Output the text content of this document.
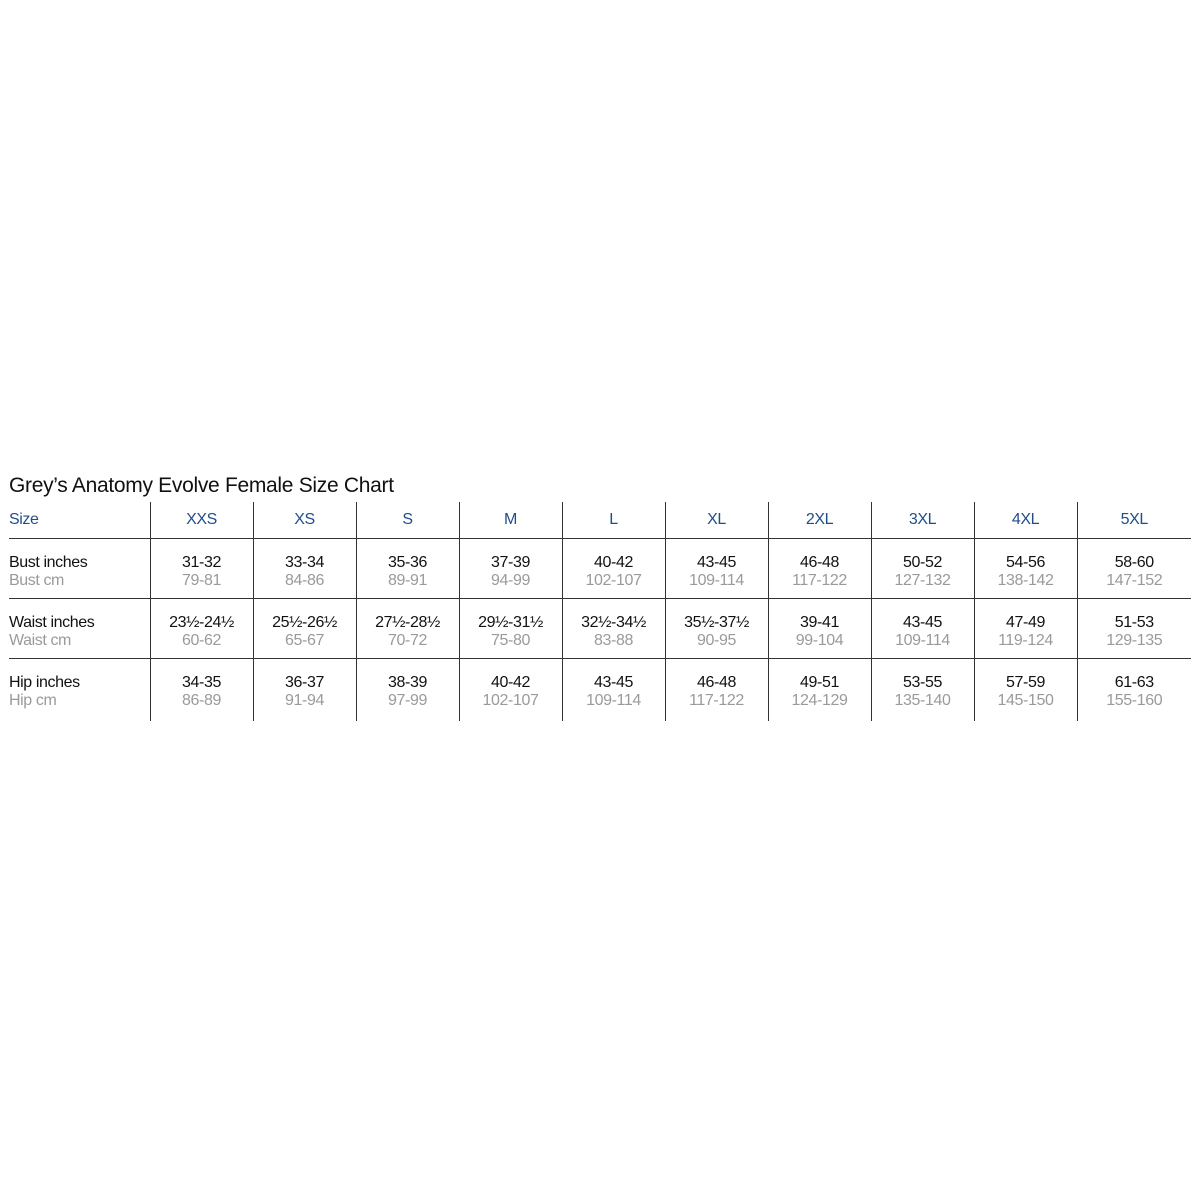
Grey’s Anatomy Evolve Female Size Chart
Size	XXS	XS	S	M	L	XL	2XL	3XL	4XL	5XL
Bust inches	31-32	33-34	35-36	37-39	40-42	43-45	46-48	50-52	54-56	58-60
Bust cm	79-81	84-86	89-91	94-99	102-107	109-114	117-122	127-132	138-142	147-152
Waist inches	23½-24½	25½-26½	27½-28½	29½-31½	32½-34½	35½-37½	39-41	43-45	47-49	51-53
Waist cm	60-62	65-67	70-72	75-80	83-88	90-95	99-104	109-114	119-124	129-135
Hip inches	34-35	36-37	38-39	40-42	43-45	46-48	49-51	53-55	57-59	61-63
Hip cm	86-89	91-94	97-99	102-107	109-114	117-122	124-129	135-140	145-150	155-160
